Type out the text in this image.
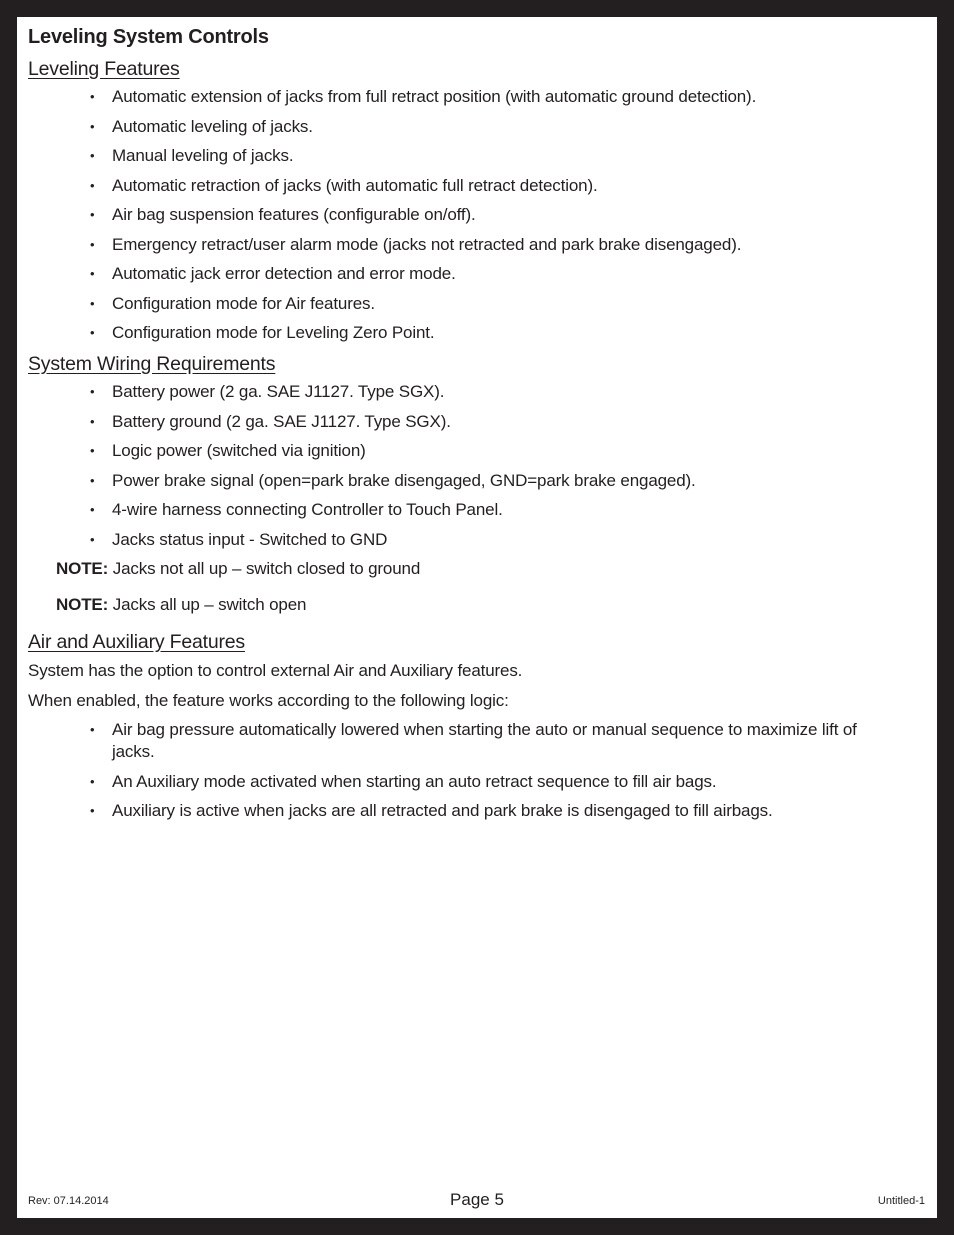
Leveling System Controls
Leveling Features
• Automatic extension of jacks from full retract position (with automatic ground detection).
• Automatic leveling of jacks.
• Manual leveling of jacks.
• Automatic retraction of jacks (with automatic full retract detection).
• Air bag suspension features (configurable on/off).
• Emergency retract/user alarm mode (jacks not retracted and park brake disengaged).
• Automatic jack error detection and error mode.
• Configuration mode for Air features.
• Configuration mode for Leveling Zero Point.
System Wiring Requirements
• Battery power (2 ga. SAE J1127. Type SGX).
• Battery ground (2 ga. SAE J1127. Type SGX).
• Logic power (switched via ignition)
• Power brake signal (open=park brake disengaged, GND=park brake engaged).
• 4-wire harness connecting Controller to Touch Panel.
• Jacks status input - Switched to GND

NOTE: Jacks not all up – switch closed to ground

NOTE: Jacks all up – switch open

Air and Auxiliary Features

System has the option to control external Air and Auxiliary features.

When enabled, the feature works according to the following logic:

• Air bag pressure automatically lowered when starting the auto or manual sequence to maximize lift of jacks.
• An Auxiliary mode activated when starting an auto retract sequence to fill air bags.
• Auxiliary is active when jacks are all retracted and park brake is disengaged to fill airbags.
Rev: 07.14.2014	Page 5	Untitled-1
